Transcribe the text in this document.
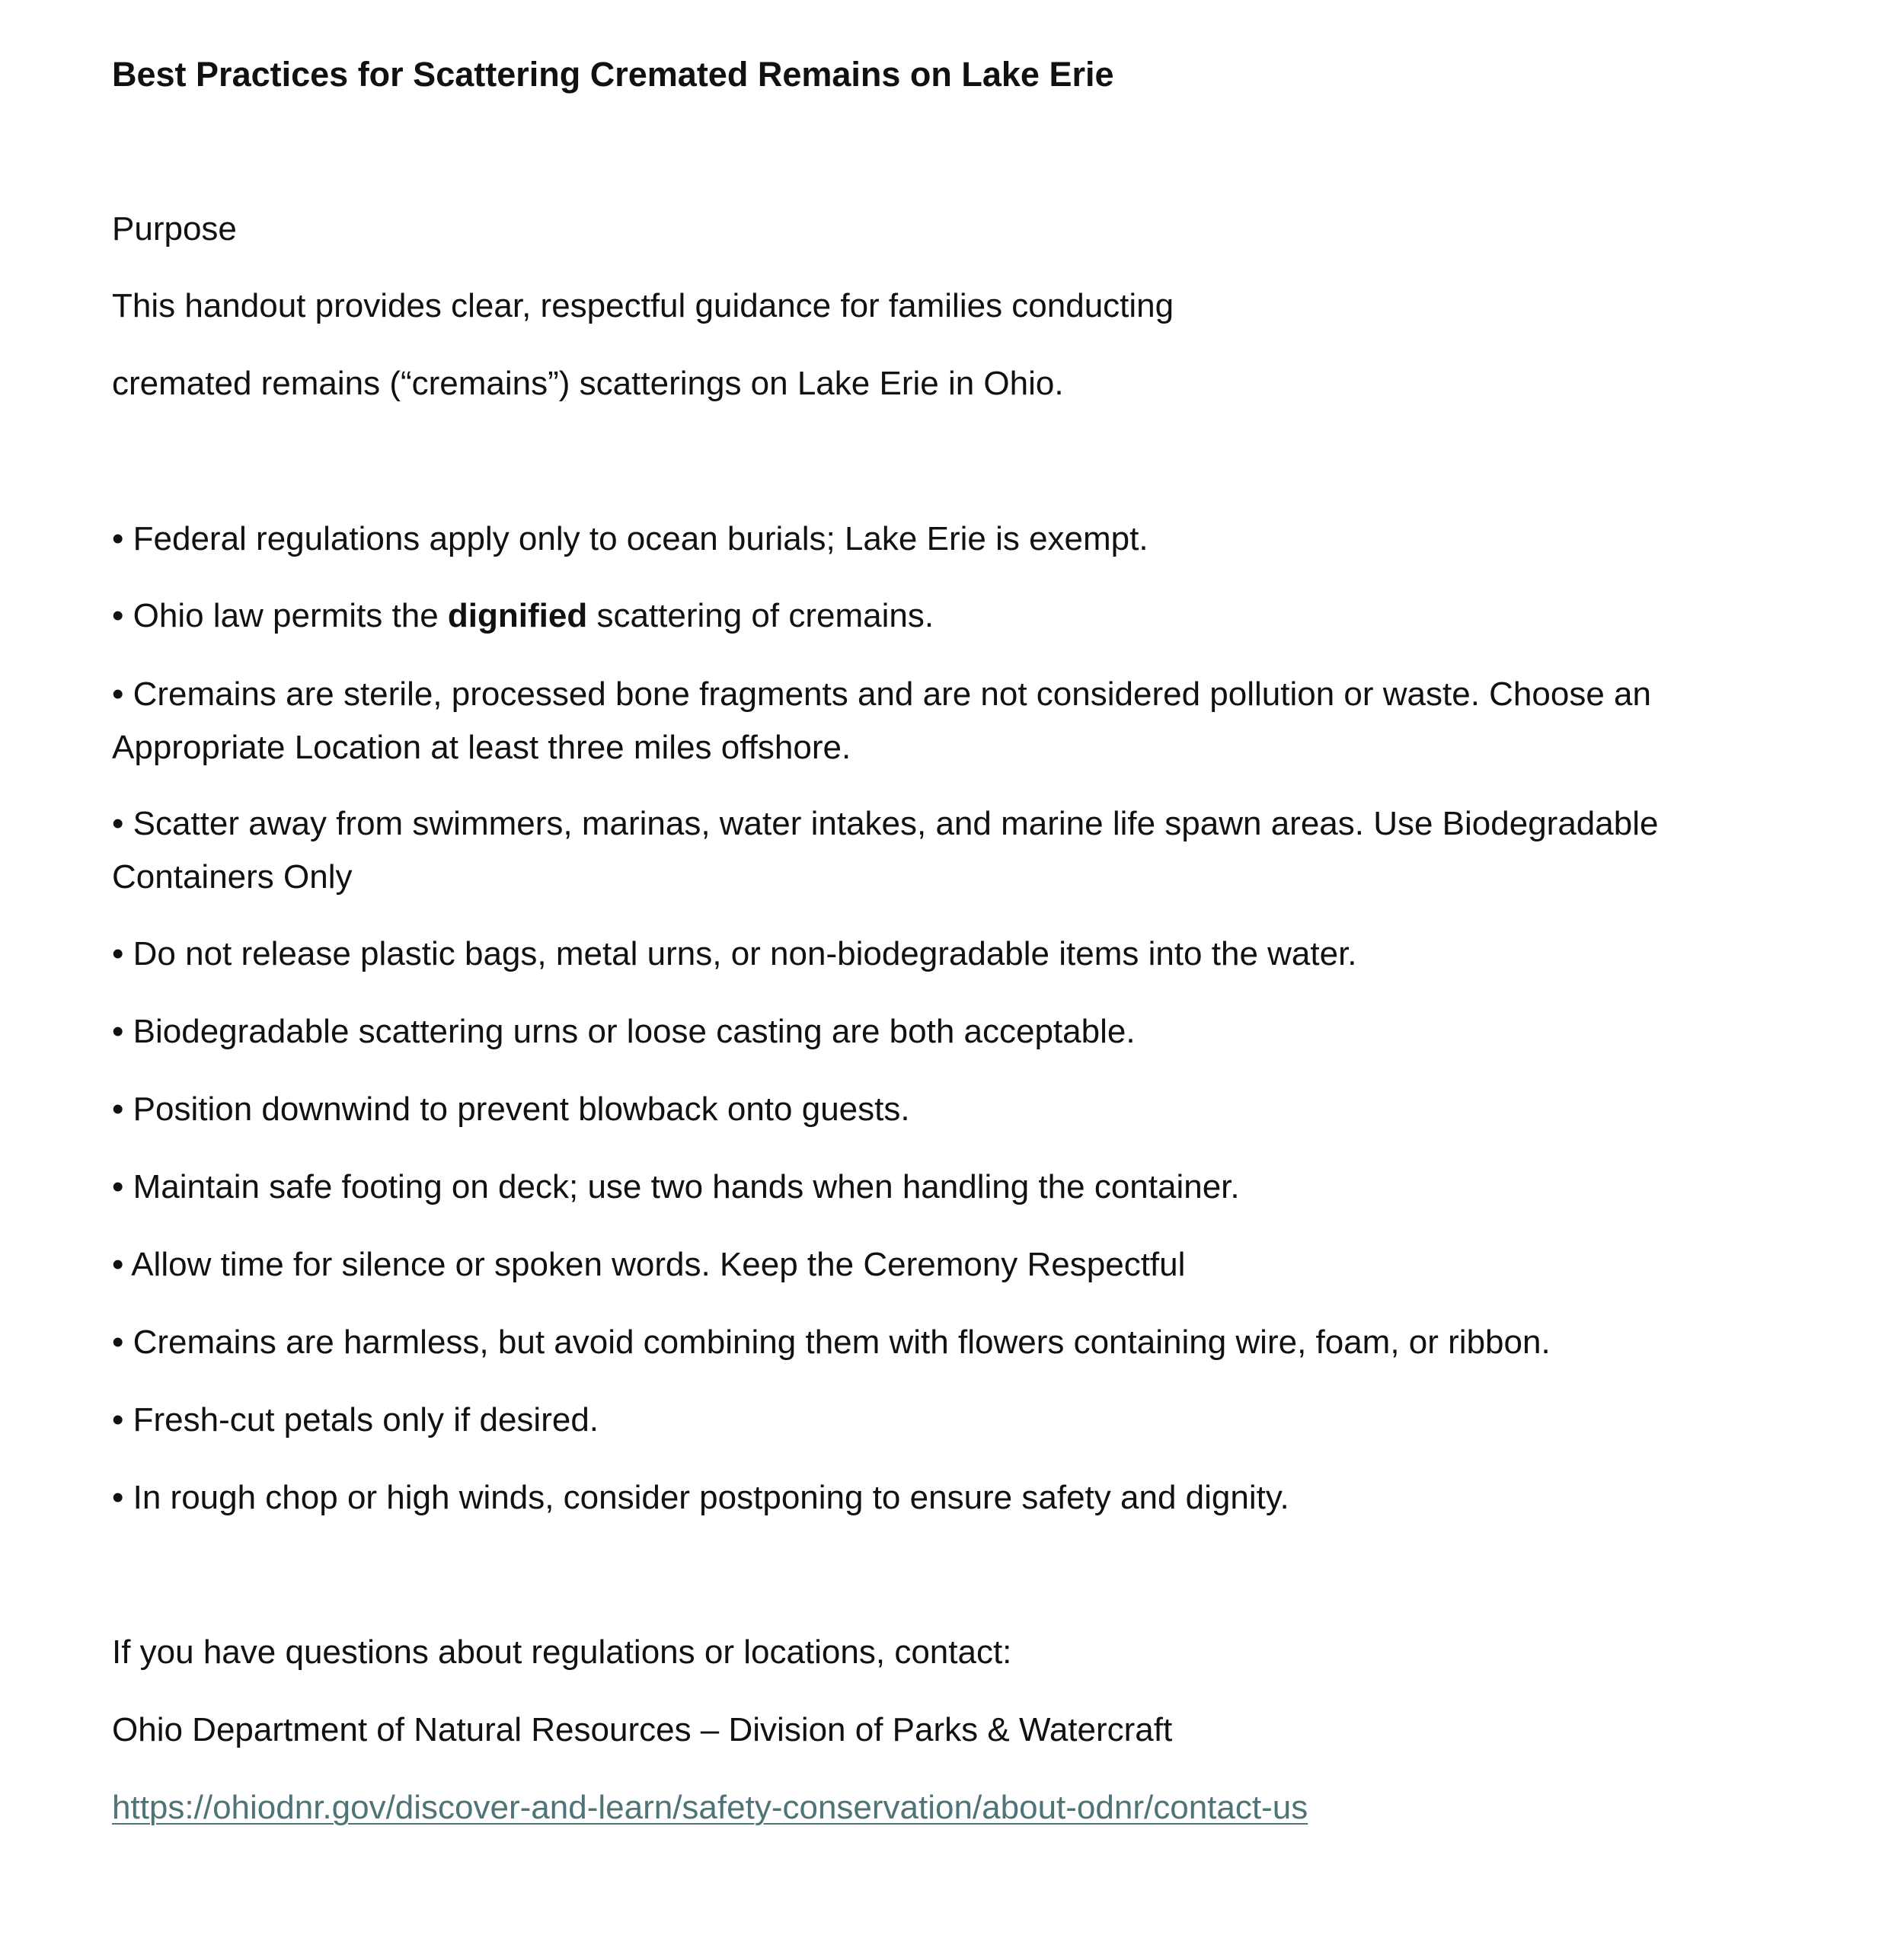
Best Practices for Scattering Cremated Remains on Lake Erie

Purpose

This handout provides clear, respectful guidance for families conducting

cremated remains (“cremains”) scatterings on Lake Erie in Ohio.

• Federal regulations apply only to ocean burials; Lake Erie is exempt.

• Ohio law permits the dignified scattering of cremains.

• Cremains are sterile, processed bone fragments and are not considered pollution or waste. Choose an Appropriate Location at least three miles offshore.

• Scatter away from swimmers, marinas, water intakes, and marine life spawn areas. Use Biodegradable Containers Only

• Do not release plastic bags, metal urns, or non-biodegradable items into the water.

• Biodegradable scattering urns or loose casting are both acceptable.

• Position downwind to prevent blowback onto guests.

• Maintain safe footing on deck; use two hands when handling the container.

• Allow time for silence or spoken words. Keep the Ceremony Respectful

• Cremains are harmless, but avoid combining them with flowers containing wire, foam, or ribbon.

• Fresh-cut petals only if desired.

• In rough chop or high winds, consider postponing to ensure safety and dignity.

If you have questions about regulations or locations, contact:

Ohio Department of Natural Resources – Division of Parks & Watercraft

https://ohiodnr.gov/discover-and-learn/safety-conservation/about-odnr/contact-us
